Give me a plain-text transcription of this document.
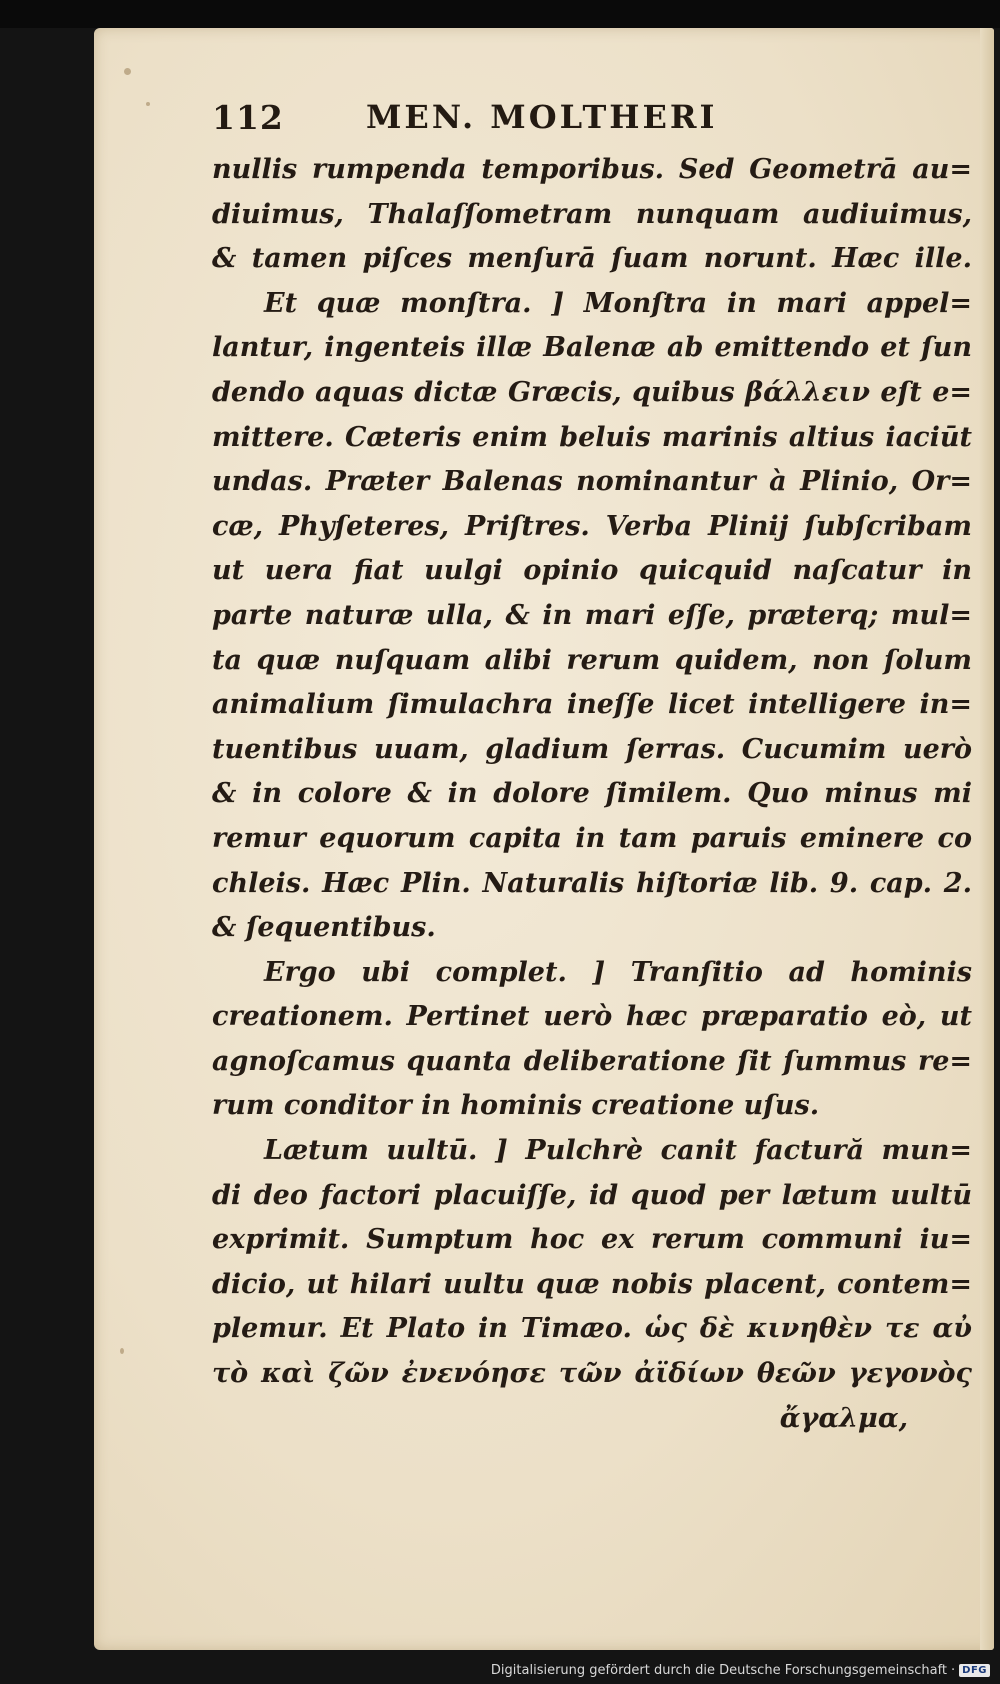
112	MEN. MOLTHERI
nullis rumpenda temporibus. Sed Geometrā au=
diuimus, Thalaſſometram nunquam audiuimus,
& tamen piſces menſurā ſuam norunt. Hæc ille.
Et quæ monſtra. ] Monſtra in mari appel=
lantur, ingenteis illæ Balenæ ab emittendo et ſun
dendo aquas dictæ Græcis, quibus βάλλειν eſt e=
mittere. Cæteris enim beluis marinis altius iaciūt
undas. Præter Balenas nominantur à Plinio, Or=
cæ, Phyſeteres, Priſtres. Verba Plinij ſubſcribam
ut uera fiat uulgi opinio quicquid naſcatur in
parte naturæ ulla, & in mari eſſe, præterq; mul=
ta quæ nuſquam alibi rerum quidem, non ſolum
animalium ſimulachra ineſſe licet intelligere in=
tuentibus uuam, gladium ſerras. Cucumim uerò
& in colore & in dolore ſimilem. Quo minus mi
remur equorum capita in tam paruis eminere co
chleis. Hæc Plin. Naturalis hiſtoriæ lib. 9. cap. 2.
& ſequentibus.
Ergo ubi complet. ] Tranſitio ad hominis
creationem. Pertinet uerò hæc præparatio eò, ut
agnoſcamus quanta deliberatione ſit ſummus re=
rum conditor in hominis creatione uſus.
Lætum uultū. ] Pulchrè canit factură mun=
di deo factori placuiſſe, id quod per lætum uultū
exprimit. Sumptum hoc ex rerum communi iu=
dicio, ut hilari uultu quæ nobis placent, contem=
plemur. Et Plato in Timæo. ὡς δὲ κινηθὲν τε αὐ
τὸ καὶ ζῶν ἐνενόησε τῶν ἀϊδίων θεῶν γεγονὸς
ἄγαλμα,
Digitalisierung gefördert durch die Deutsche Forschungsgemeinschaft · DFG
